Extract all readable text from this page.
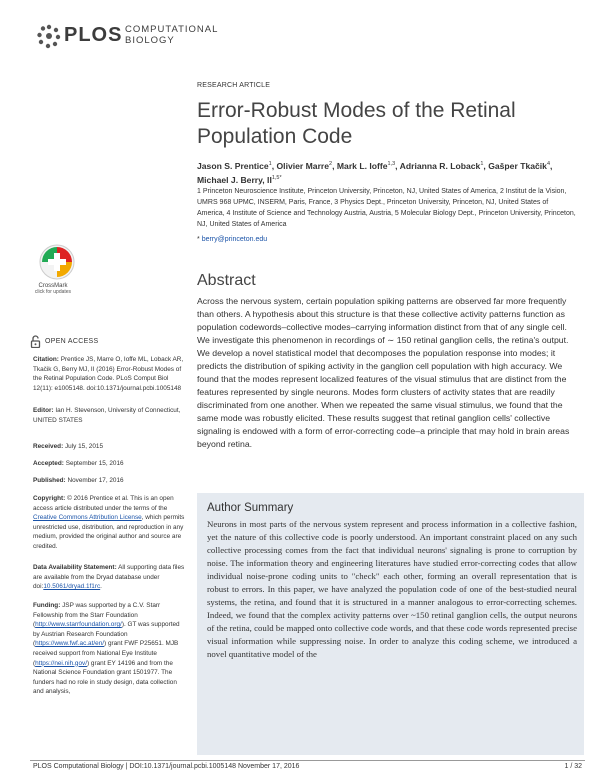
PLOS COMPUTATIONAL
BIOLOGY
RESEARCH ARTICLE
Error-Robust Modes of the Retinal Population Code
Jason S. Prentice$^1$, Olivier Marre$^2$, Mark L. Ioffe$^{1,3}$, Adrianna R. Loback$^1$, Gašper Tkačik$^4$, Michael J. Berry, $II^{1,5*}$
1 Princeton Neuroscience Institute, Princeton University, Princeton, NJ, United States of America, 2 Institut de la Vision, UMRS 968 UPMC, INSERM, Paris, France, 3 Physics Dept., Princeton University, Princeton, NJ, United States of America, 4 Institute of Science and Technology Austria, Austria, 5 Molecular Biology Dept., Princeton University, Princeton, NJ, United States of America
* berry@princeton.edu
CrossMark
click for updates
Abstract
Across the nervous system, certain population spiking patterns are observed far more frequently than others. A hypothesis about this structure is that these collective activity patterns function as population codewords–collective modes–carrying information distinct from that of any single cell. We investigate this phenomenon in recordings of ∼ 150 retinal ganglion cells, the retina's output. We develop a novel statistical model that decomposes the population response into modes; it predicts the distribution of spiking activity in the ganglion cell population with high accuracy. We found that the modes represent localized features of the visual stimulus that are distinct from the features represented by single neurons. Modes form clusters of activity states that are readily discriminated from one another. When we repeated the same visual stimulus, we found that the same mode was robustly elicited. These results suggest that retinal ganglion cells' collective signaling is endowed with a form of error-correcting code–a principle that may hold in brain areas beyond retina.
OPEN ACCESS
Citation: Prentice JS, Marre O, Ioffe ML, Loback AR, Tkačik G, Berry MJ, II (2016) Error-Robust Modes of the Retinal Population Code. PLoS Comput Biol 12(11): e1005148. doi:10.1371/journal.pcbi.1005148
Editor: Ian H. Stevenson, University of Connecticut, UNITED STATES
Received: July 15, 2015
Accepted: September 15, 2016
Published: November 17, 2016
Copyright: © 2016 Prentice et al. This is an open access article distributed under the terms of the Creative Commons Attribution License, which permits unrestricted use, distribution, and reproduction in any medium, provided the original author and source are credited.
Data Availability Statement: All supporting data files are available from the Dryad database under doi:10.5061/dryad.1f1rc.
Funding: JSP was supported by a C.V. Starr Fellowship from the Starr Foundation (http://www.starrfoundation.org/). GT was supported by Austrian Research Foundation (https://www.fwf.ac.at/en/) grant FWF P25651. MJB received support from National Eye Institute (https://nei.nih.gov/) grant EY 14196 and from the National Science Foundation grant 1501977. The funders had no role in study design, data collection and analysis,
Author Summary
Neurons in most parts of the nervous system represent and process information in a collective fashion, yet the nature of this collective code is poorly understood. An important constraint placed on any such collective processing comes from the fact that individual neurons' signaling is prone to corruption by noise. The information theory and engineering literatures have studied error-correcting codes that allow individual noise-prone coding units to "check" each other, forming an overall representation that is robust to errors. In this paper, we have analyzed the population code of one of the best-studied neural systems, the retina, and found that it is structured in a manner analogous to error-correcting schemes. Indeed, we found that the complex activity patterns over ~150 retinal ganglion cells, the output neurons of the retina, could be mapped onto collective code words, and that these code words represented precise visual information while suppressing noise. In order to analyze this coding scheme, we introduced a novel quantitative model of the
PLOS Computational Biology | DOI:10.1371/journal.pcbi.1005148 November 17, 2016	1 / 32
